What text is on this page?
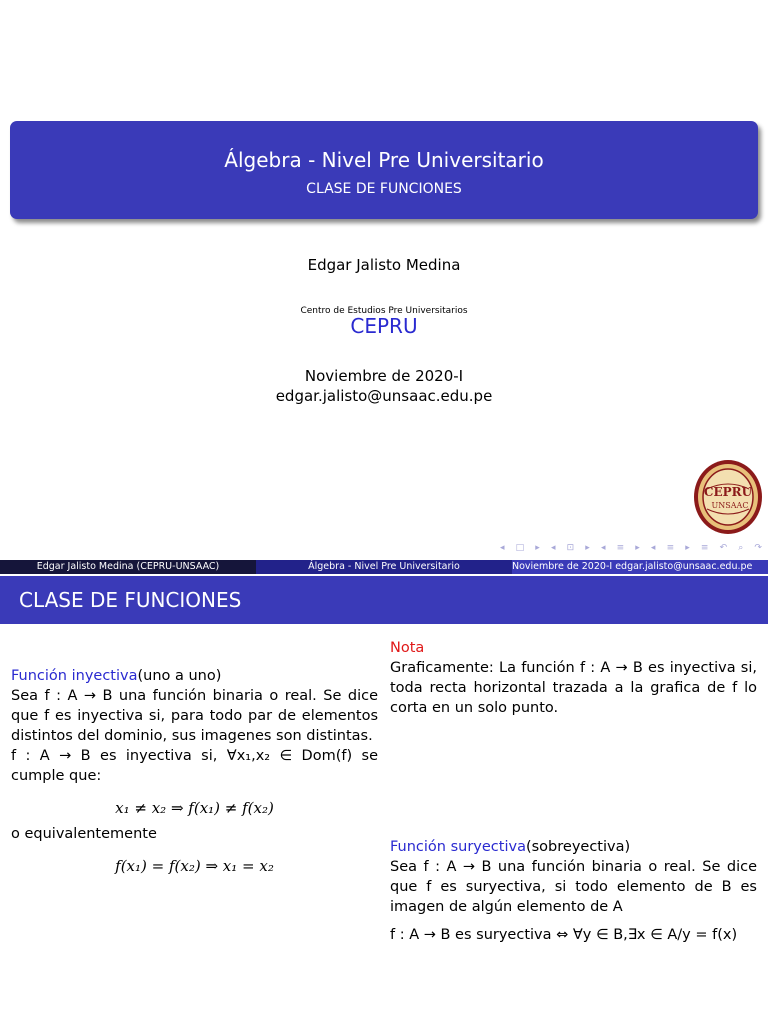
Álgebra - Nivel Pre Universitario
CLASE DE FUNCIONES
Edgar Jalisto Medina
Centro de Estudios Pre Universitarios
CEPRU
Noviembre de 2020-I
edgar.jalisto@unsaac.edu.pe
CEPRU
UNSAAC
◂ □ ▸ ◂ ⊡ ▸ ◂ ≡ ▸ ◂ ≡ ▸ ≡ ↶ ⌕ ↷
Edgar Jalisto Medina (CEPRU-UNSAAC)	Álgebra - Nivel Pre Universitario	Noviembre de 2020-I edgar.jalisto@unsaac.edu.pe
CLASE DE FUNCIONES
Función inyectiva(uno a uno)
Sea f : A → B una función binaria o real. Se dice que f es inyectiva si, para todo par de elementos distintos del dominio, sus imagenes son distintas.
f : A → B es inyectiva si, ∀x₁,x₂ ∈ Dom(f) se cumple que:
x₁ ≠ x₂ ⇒ f(x₁) ≠ f(x₂)
o equivalentemente
f(x₁) = f(x₂) ⇒ x₁ = x₂
Nota
Graficamente: La función f : A → B es inyectiva si, toda recta horizontal trazada a la grafica de f lo corta en un solo punto.
Función suryectiva(sobreyectiva)
Sea f : A → B una función binaria o real. Se dice que f es suryectiva, si todo elemento de B es imagen de algún elemento de A
f : A → B es suryectiva ⇔ ∀y ∈ B,∃x ∈ A/y = f(x)
